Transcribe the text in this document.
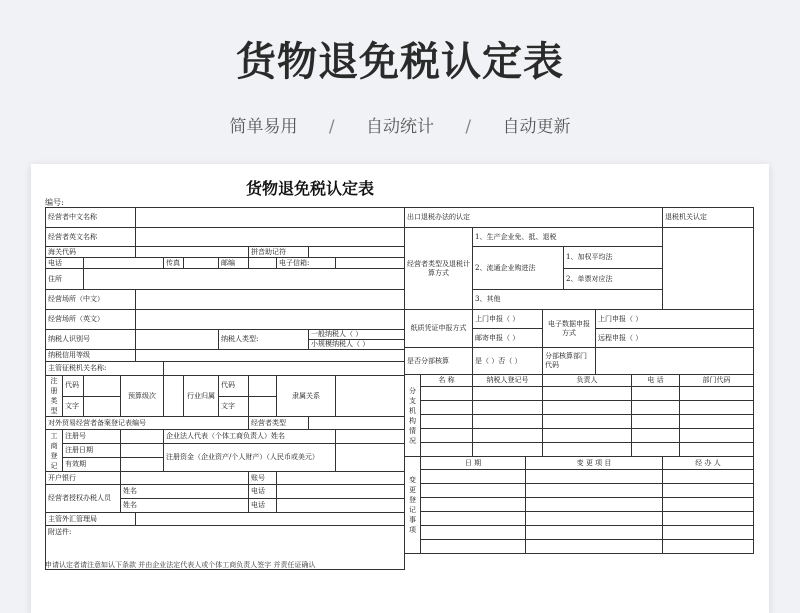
货物退免税认定表
简单易用 / 自动统计 / 自动更新
货物退免税认定表
编号:
经营者中文名称											
经营者英文名称											
海关代码								拼音助记符			
电话					传真		邮编		电子信箱:		
住所											
经营场所（中文）											
经营场所（英文）											
纳税人识别号							纳税人类型:			一般纳税人（ ）	
										小规模纳税人（ ）	
纳税信用等级											
主管征税机关名称:											
注册类型	代码		预算级次			行业归属	代码		隶属关系		
	文字						文字				
对外贸易经营者备案登记表编号								经营者类型			
工商登记	注册号				企业法人代表（个体工商负责人）姓名						
	注册日期				注册资金（企业资产/个人财产）（人民币或美元）						
	有效期										
开户银行								账号			
经营者授权办税人员			姓名					电话			
			姓名					电话			
主管外汇管理局											
附送件:											
出口退税办法的认定								退税机关认定	
经营者类型及退税计算方式		1、生产企业免、抵、退税							
		2、流通企业购进法			1、加权平均法				
					2、单票对应法				
		3、其他							
纸质凭证申报方式		上门申报（ ）		电子数据申报方式		上门申报（ ）			
		邮寄申报（ ）				远程申报（ ）			
是否分部核算		是（ ）否（ ）		分部核算部门代码					
分支机构情况	名 称	纳税人登记号		负责人			电 话		部门代码

变更登记事项	日 期		变 更 项 目					经 办 人	

申请认定者请注意如认下条款 并由企业法定代表人或个体工商负责人签字 并责任证确认
